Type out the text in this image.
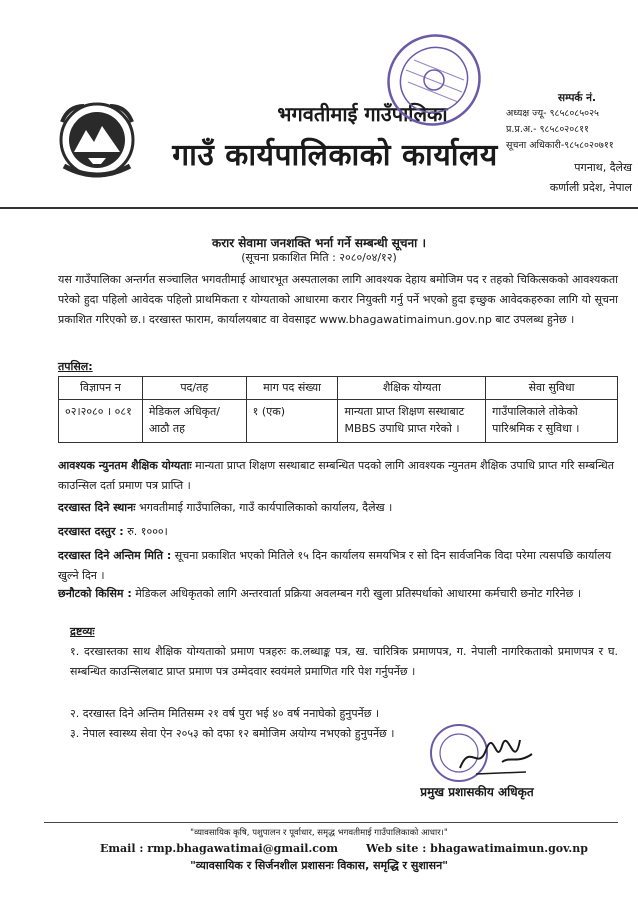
भगवतीमाई गाउँपालिका
गाउँ कार्यपालिकाको कार्यालय
सम्पर्क नं.
अध्यक्ष ज्यू- ९८५८०८५०२५
प्र.प्र.अ.- ९८५८०२०८११
सूचना अधिकारी-९८५८०२०७११
पगनाथ, दैलेख
कर्णाली प्रदेश, नेपाल
करार सेवामा जनशक्ति भर्ना गर्ने सम्बन्धी सूचना ।
(सूचना प्रकाशित मिति : २०८०/०४/१२)
यस गाउँपालिका अन्तर्गत सञ्चालित भगवतीमाई आधारभूत अस्पतालका लागि आवश्यक देहाय बमोजिम पद र तहको चिकित्सकको आवश्यकता परेको हुदा पहिलो आवेदक पहिलो प्राथमिकता र योग्यताको आधारमा करार नियुक्ती गर्नु पर्ने भएको हुदा इच्छुक आवेदकहरुका लागि यो सूचना प्रकाशित गरिएको छ.। दरखास्त फाराम, कार्यालयबाट वा वेवसाइट www.bhagawatimaimun.gov.np बाट उपलब्ध हुनेछ ।
तपसिल:
विज्ञापन न	पद/तह	माग पद संख्या	शैक्षिक योग्यता	सेवा सुविधा
०२।२०८० । ०८१	मेडिकल अधिकृत/ आठौ तह	१ (एक)	मान्यता प्राप्त शिक्षण सस्थाबाट MBBS उपाधि प्राप्त गरेको ।	गाउँपालिकाले तोकेको पारिश्रमिक र सुविधा ।
आवश्यक न्युनतम शैक्षिक योग्यताः मान्यता प्राप्त शिक्षण सस्थाबाट सम्बन्धित पदको लागि आवश्यक न्युनतम शैक्षिक उपाधि प्राप्त गरि सम्बन्धित काउन्सिल दर्ता प्रमाण पत्र प्राप्ति ।
दरखास्त दिने स्थानः भगवतीमाई गाउँपालिका, गाउँ कार्यपालिकाको कार्यालय, दैलेख ।
दरखास्त दस्तुर : रु. १०००।
दरखास्त दिने अन्तिम मिति : सूचना प्रकाशित भएको मितिले १५ दिन कार्यालय समयभित्र र सो दिन सार्वजनिक विदा परेमा त्यसपछि कार्यालय खुल्ने दिन ।
छनौटको किसिम : मेडिकल अधिकृतको लागि अन्तरवार्ता प्रक्रिया अवलम्बन गरी खुला प्रतिस्पर्धाको आधारमा कर्मचारी छनोट गरिनेछ ।
द्रष्टव्यः
१. दरखास्तका साथ शैक्षिक योग्यताको प्रमाण पत्रहरुः क.लब्धाङ्क पत्र, ख. चारित्रिक प्रमाणपत्र, ग. नेपाली नागरिकताको प्रमाणपत्र र घ. सम्बन्धित काउन्सिलबाट प्राप्त प्रमाण पत्र उम्मेदवार स्वयंमले प्रमाणित गरि पेश गर्नुपर्नेछ ।
२. दरखास्त दिने अन्तिम मितिसम्म २१ वर्ष पुरा भई ४० वर्ष ननाघेको हुनुपर्नेछ ।
३. नेपाल स्वास्थ्य सेवा ऐन २०५३ को दफा १२ बमोजिम अयोग्य नभएको हुनुपर्नेछ ।
प्रमुख प्रशासकीय अधिकृत
"व्यावसायिक कृषि, पशुपालन र पूर्वाधार, समृद्ध भगवतीमाई गाउँपालिकाको आधार।"
Email : rmp.bhagawatimai@gmail.com	Web site : bhagawatimaimun.gov.np
"व्यावसायिक र सिर्जनशील प्रशासनः विकास, समृद्धि र सुशासन"
